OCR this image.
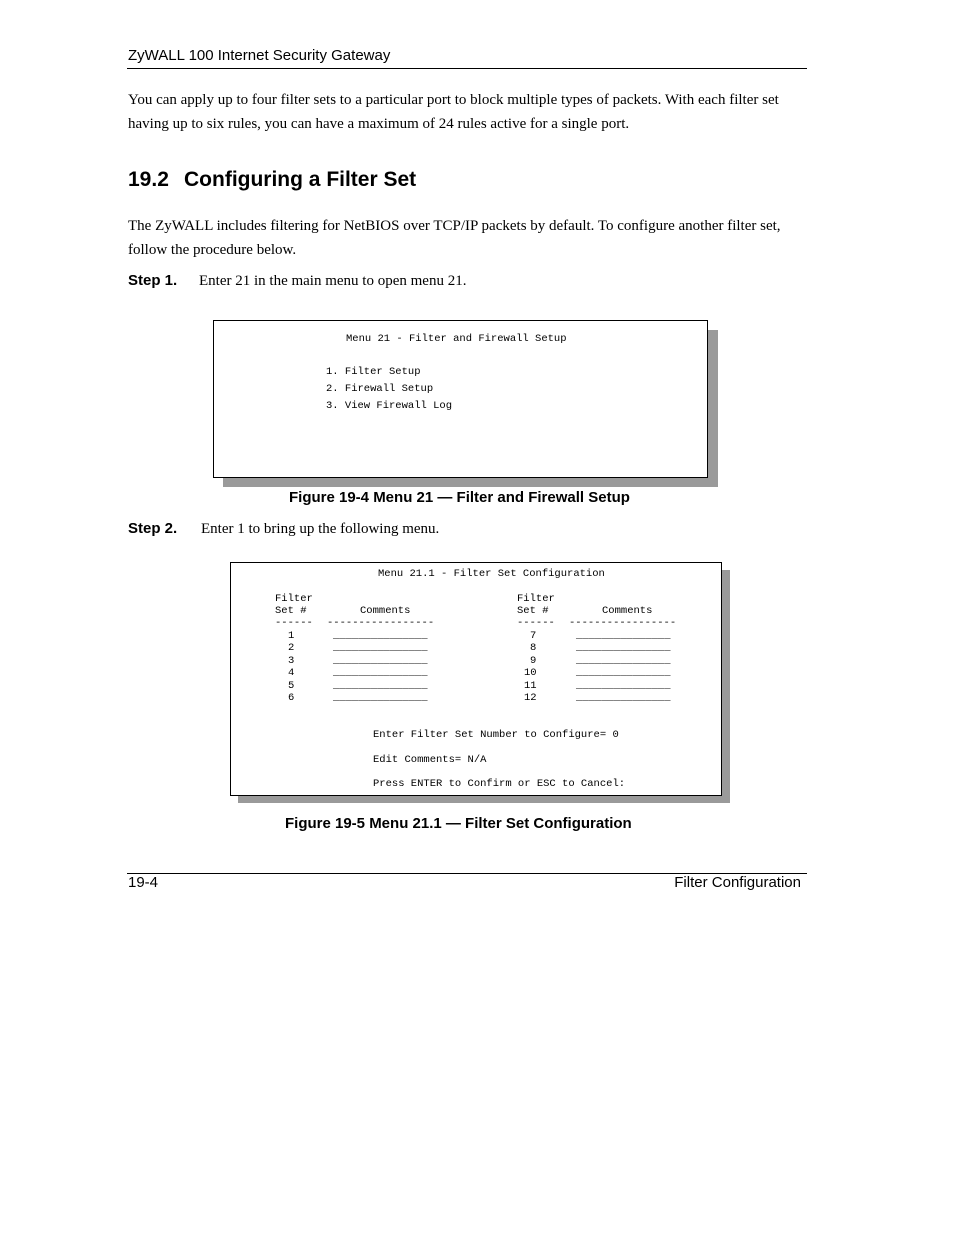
ZyWALL 100 Internet Security Gateway
You can apply up to four filter sets to a particular port to block multiple types of packets. With each filter set having up to six rules, you can have a maximum of 24 rules active for a single port.
19.2 Configuring a Filter Set
The ZyWALL includes filtering for NetBIOS over TCP/IP packets by default. To configure another filter set, follow the procedure below.
Step 1. Enter 21 in the main menu to open menu 21.
Menu 21 - Filter and Firewall Setup
1. Filter Setup
2. Firewall Setup
3. View Firewall Log
Figure 19-4 Menu 21 — Filter and Firewall Setup
Step 2. Enter 1 to bring up the following menu.
Menu 21.1 - Filter Set Configuration
Filter
Set #	Comments
------ -----------------
Filter
Set #	Comments
------ -----------------
1	_______________
2	_______________
3	_______________
4	_______________
5	_______________
6	_______________
7	_______________
8	_______________
9	_______________
10	_______________
11	_______________
12	_______________
Enter Filter Set Number to Configure= 0
Edit Comments= N/A
Press ENTER to Confirm or ESC to Cancel:
Figure 19-5 Menu 21.1 — Filter Set Configuration
19-4	Filter Configuration
